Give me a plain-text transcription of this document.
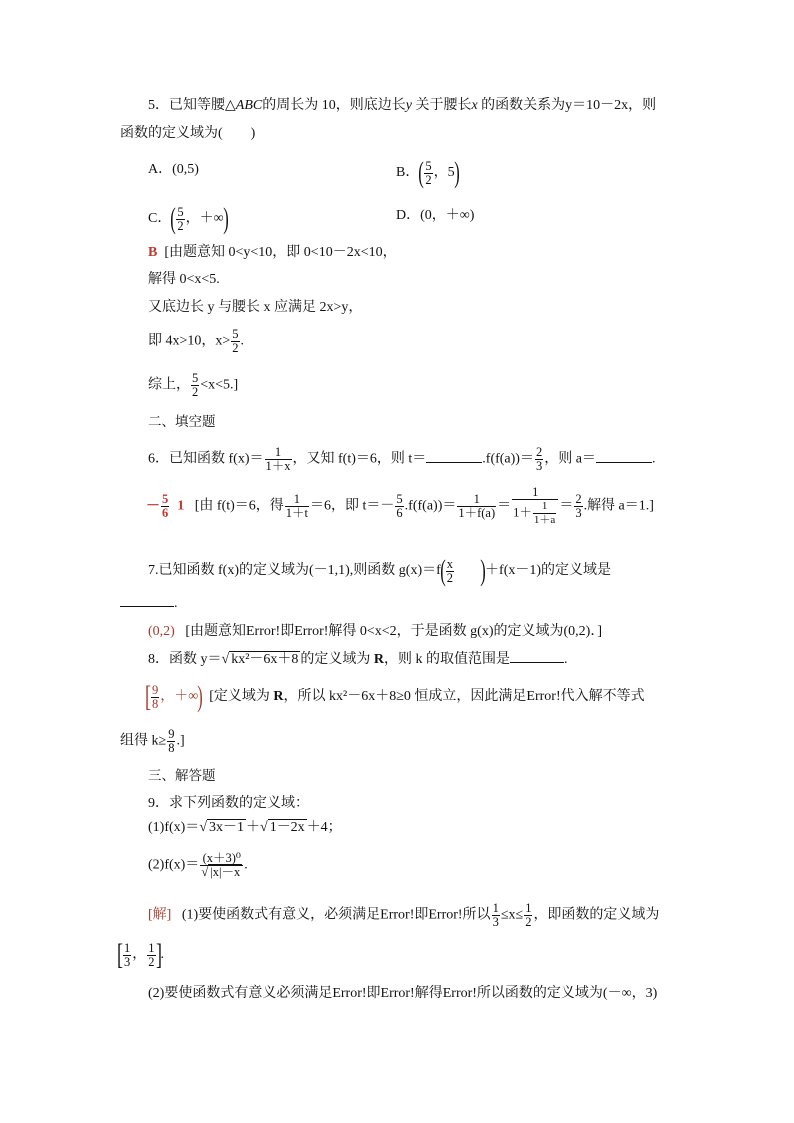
5．已知等腰△ABC的周长为 10，则底边长y 关于腰长x 的函数关系为y＝10－2x，则
函数的定义域为(　　)
A．(0,5)	B．( $\frac{5}{2}$ ，5)
C．( $\frac{5}{2}$ ，＋∞)	D．(0，＋∞)
B [由题意知 0<y<10，即 0<10－2x<10，
解得 0<x<5.
又底边长 y 与腰长 x 应满足 2x>y，
即 4x>10，$x> \frac{5}{2}$ .
综上， $\frac{5}{2} <x<5$.]
二、填空题
6．已知函数 $f(x)= \frac{1}{1+x}$ ，又知 f(t)＝6，则 t＝	$.f(f(a))= \frac{2}{3}$ ，则 a＝	.
－ $\frac{5}{6} 1$ [由 f(t)＝6，得 $\frac{1}{1+t} =6$，即 $t=- \frac{5}{6} .f(f(a))= \frac{1}{1+f(a)} = \frac{1}{1+ \frac{1}{1+a}} = \frac{2}{3}$ .解得 a＝1.]
7.已知函数 f(x)的定义域为(－1,1),则函数 $g(x)=f( \frac{x}{2} )+f(x-1)$的定义域是
.
(0,2) [由题意知Error!即Error!解得 0<x<2，于是函数 g(x)的定义域为(0,2)．]
8．函数 y＝√ kx²－6x＋8 的定义域为 R，则 k 的取值范围是	.
[ $\frac{9}{8}$ ，＋∞) [定义域为 R，所以 kx²－6x＋8≥0 恒成立，因此满足Error!代入解不等式
组得 $k\ge \frac{9}{8}$ .]
三、解答题
9．求下列函数的定义域：
(1)f(x)＝√ 3x－1 ＋√ 1－2x ＋4；
$(2)f(x)= \frac{\text{(x＋3)⁰}}{√ |x|-x}$ .
[解] (1)要使函数式有意义，必须满足Error!即Error!所以 $\frac{1}{3} \le x\le \frac{1}{2}$ ，即函数的定义域为
[ $\frac{1}{3}$ ， $\frac{1}{2}$ ].
(2)要使函数式有意义必须满足Error!即Error!解得Error!所以函数的定义域为(－∞，3)
